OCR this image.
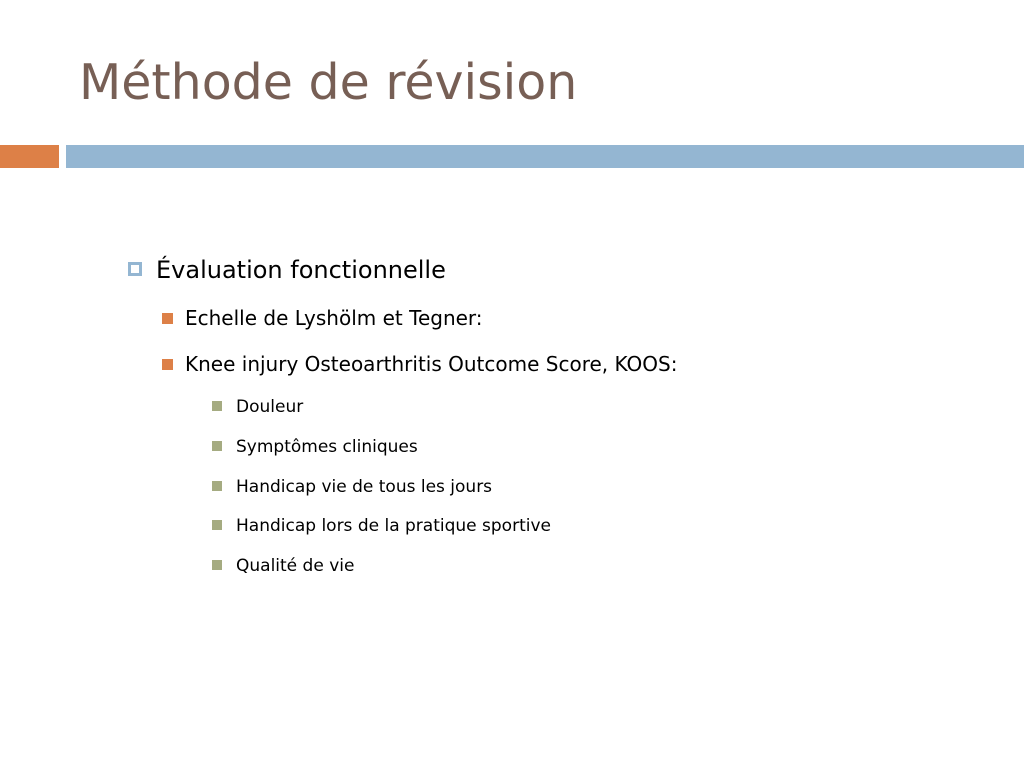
Méthode de révision
Évaluation fonctionnelle
Echelle de Lyshölm et Tegner:
Knee injury Osteoarthritis Outcome Score, KOOS:
Douleur
Symptômes cliniques
Handicap vie de tous les jours
Handicap lors de la pratique sportive
Qualité de vie
